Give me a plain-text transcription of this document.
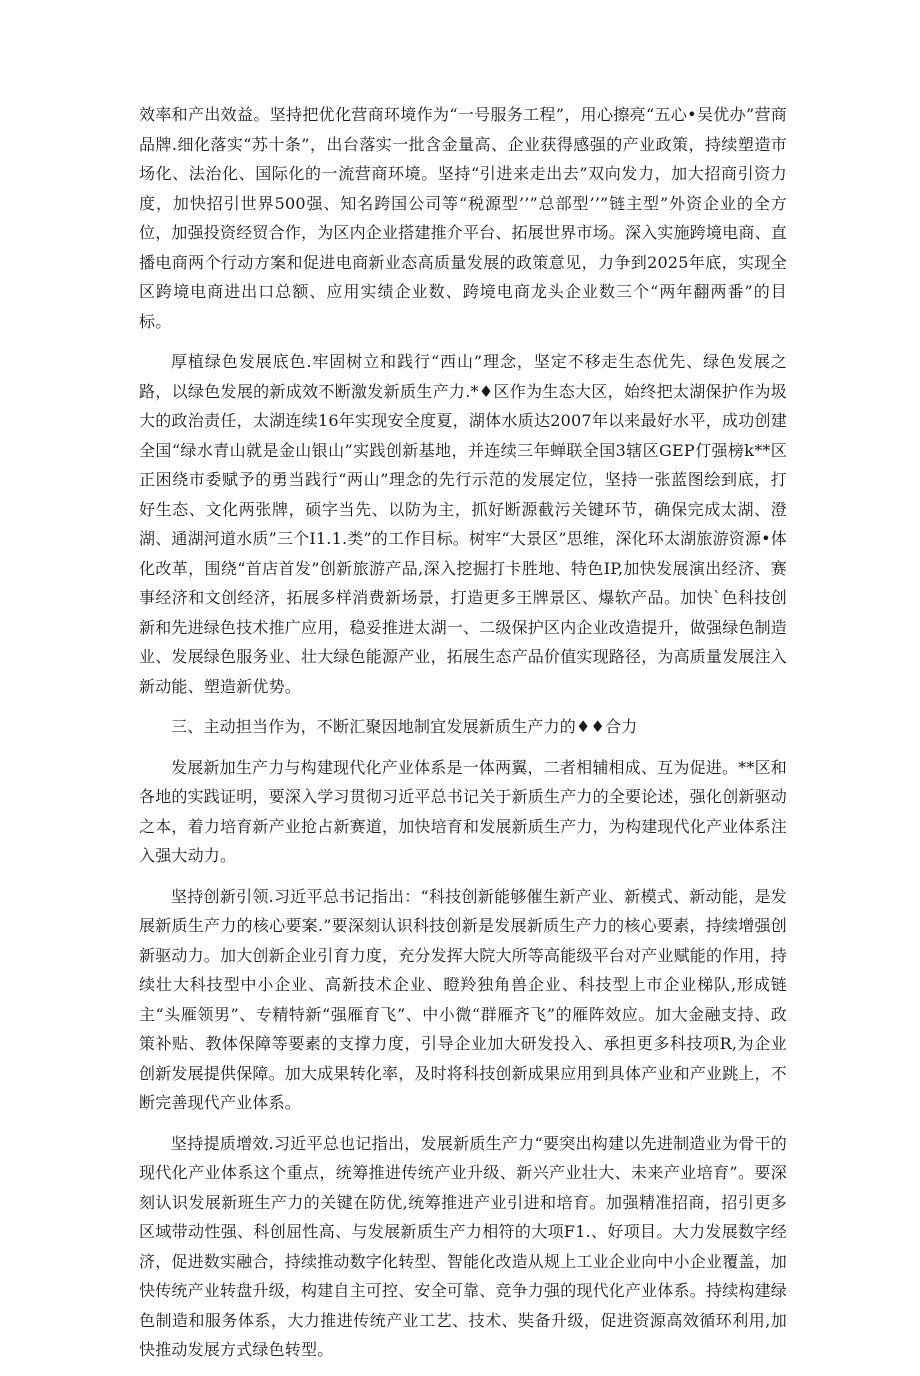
效率和产出效益。坚持把优化营商环境作为“一号服务工程”，用心擦亮“五心•吴优办”营商品牌.细化落实“苏十条”，出台落实一批含金量高、企业获得感强的产业政策，持续塑造市场化、法治化、国际化的一流营商环境。坚持“引进来走出去”双向发力，加大招商引资力度，加快招引世界500强、知名跨国公司等“税源型’’”总部型’’”链主型”外资企业的全方位，加强投资经贸合作，为区内企业搭建推介平台、拓展世界市场。深入实施跨境电商、直播电商两个行动方案和促进电商新业态高质量发展的政策意见，力争到2025年底，实现全区跨境电商进出口总额、应用实绩企业数、跨境电商龙头企业数三个“两年翻两番”的目标。

厚植绿色发展底色.牢固树立和践行“西山”理念，坚定不移走生态优先、绿色发展之路，以绿色发展的新成效不断激发新质生产力.*♦区作为生态大区，始终把太湖保护作为圾大的政治责任，太湖连续16年实现安全度夏，湖体水质达2007年以来最好水平，成功创建全国“绿水青山就是金山银山”实践创新基地，并连续三年蝉联全国3辖区GEP仃强榜k**区正困绕市委赋予的勇当践行“两山”理念的先行示范的发展定位，坚持一张蓝图绘到底，打好生态、文化两张牌，硕字当先、以防为主，抓好断源截污关键环节，确保完成太湖、澄湖、通湖河道水质”三个I1.1.类”的工作目标。树牢“大景区”思维，深化环太湖旅游资源•体化改革，围绕“首店首发”创新旅游产品,深入挖掘打卡胜地、特色IP,加快发展演出经济、赛事经济和文创经济，拓展多样消费新场景，打造更多王牌景区、爆软产品。加快`色科技创新和先进绿色技术推广应用，稳妥推进太湖一、二级保护区内企业改造提升，做强绿色制造业、发展绿色服务业、壮大绿色能源产业，拓展生态产品价值实现路径，为高质量发展注入新动能、塑造新优势。

三、主动担当作为，不断汇聚因地制宜发展新质生产力的♦♦合力

发展新加生产力与构建现代化产业体系是一体两翼，二者相辅相成、互为促进。**区和各地的实践证明，要深入学习贯彻习近平总书记关于新质生产力的全要论述，强化创新驱动之本，着力培育新产业抢占新赛道，加快培育和发展新质生产力，为构建现代化产业体系注入强大动力。

坚持创新引领.习近平总书记指出：“科技创新能够催生新产业、新模式、新动能，是发展新质生产力的核心要案.”要深刻认识科技创新是发展新质生产力的核心要素，持续增强创新驱动力。加大创新企业引育力度，充分发挥大院大所等高能级平台对产业赋能的作用，持续壮大科技型中小企业、高新技术企业、瞪羚独角兽企业、科技型上市企业梯队,形成链主“头雁领男”、专精特新“强雁育飞”、中小微“群雁齐飞”的雁阵效应。加大金融支持、政策补贴、教体保障等要素的支撑力度，引导企业加大研发投入、承担更多科技项R,为企业创新发展提供保障。加大成果转化率，及时将科技创新成果应用到具体产业和产业跳上，不断完善现代产业体系。

坚持提质增效.习近平总也记指出，发展新质生产力“要突出构建以先进制造业为骨干的现代化产业体系这个重点，统筹推进传统产业升级、新兴产业壮大、未来产业培育”。要深刻认识发展新班生产力的关键在防优,统筹推进产业引进和培育。加强精准招商，招引更多区域带动性强、科创屈性高、与发展新质生产力相符的大项F1.、好项目。大力发展数字经济，促进数实融合，持续推动数字化转型、智能化改造从规上工业企业向中小企业覆盖，加快传统产业转盘升级，构建自主可控、安全可靠、竞争力强的现代化产业体系。持续构建绿色制造和服务体系，大力推进传统产业工艺、技术、奘备升级，促进资源高效循环利用,加快推动发展方式绿色转型。
